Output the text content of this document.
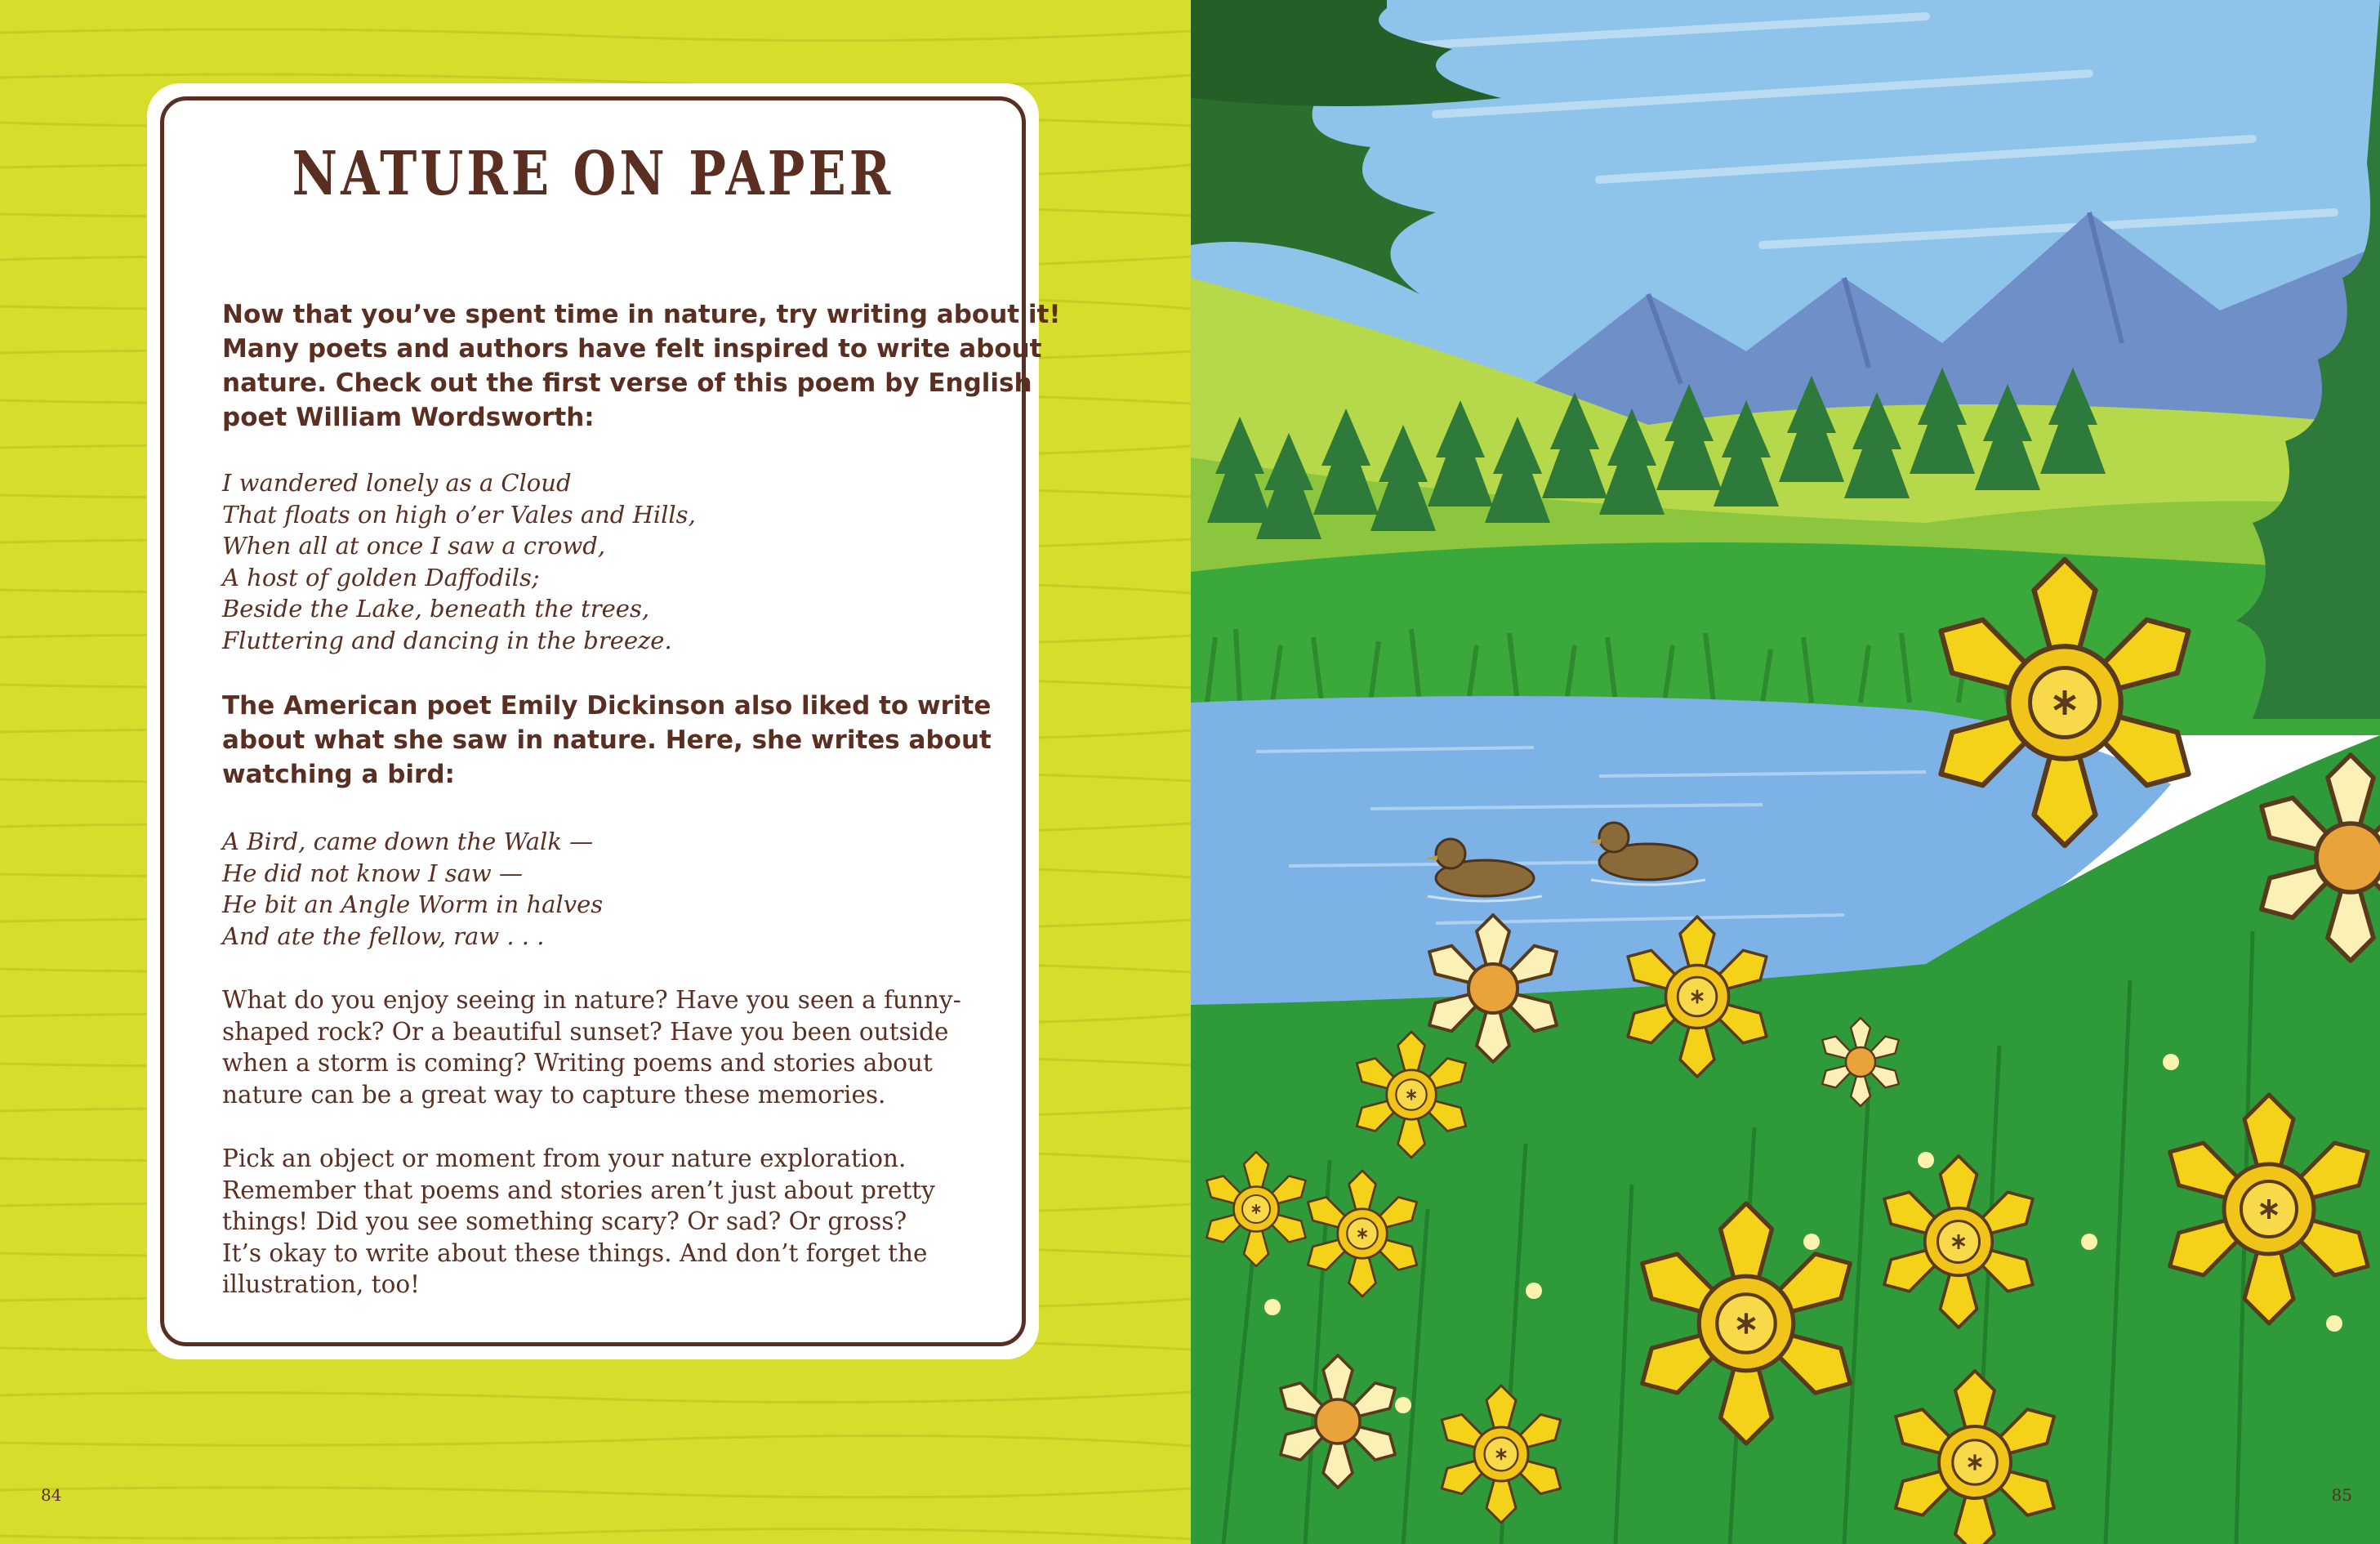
NATURE ON PAPER

Now that you’ve spent time in nature, try writing about it!
Many poets and authors have felt inspired to write about
nature. Check out the first verse of this poem by English
poet William Wordsworth:

I wandered lonely as a Cloud
That floats on high o’er Vales and Hills,
When all at once I saw a crowd,
A host of golden Daffodils;
Beside the Lake, beneath the trees,
Fluttering and dancing in the breeze.

The American poet Emily Dickinson also liked to write
about what she saw in nature. Here, she writes about
watching a bird:

A Bird, came down the Walk —
He did not know I saw —
He bit an Angle Worm in halves
And ate the fellow, raw . . .

What do you enjoy seeing in nature? Have you seen a funny-
shaped rock? Or a beautiful sunset? Have you been outside
when a storm is coming? Writing poems and stories about
nature can be a great way to capture these memories.

Pick an object or moment from your nature exploration.
Remember that poems and stories aren’t just about pretty
things! Did you see something scary? Or sad? Or gross?
It’s okay to write about these things. And don’t forget the
illustration, too!

84	85
